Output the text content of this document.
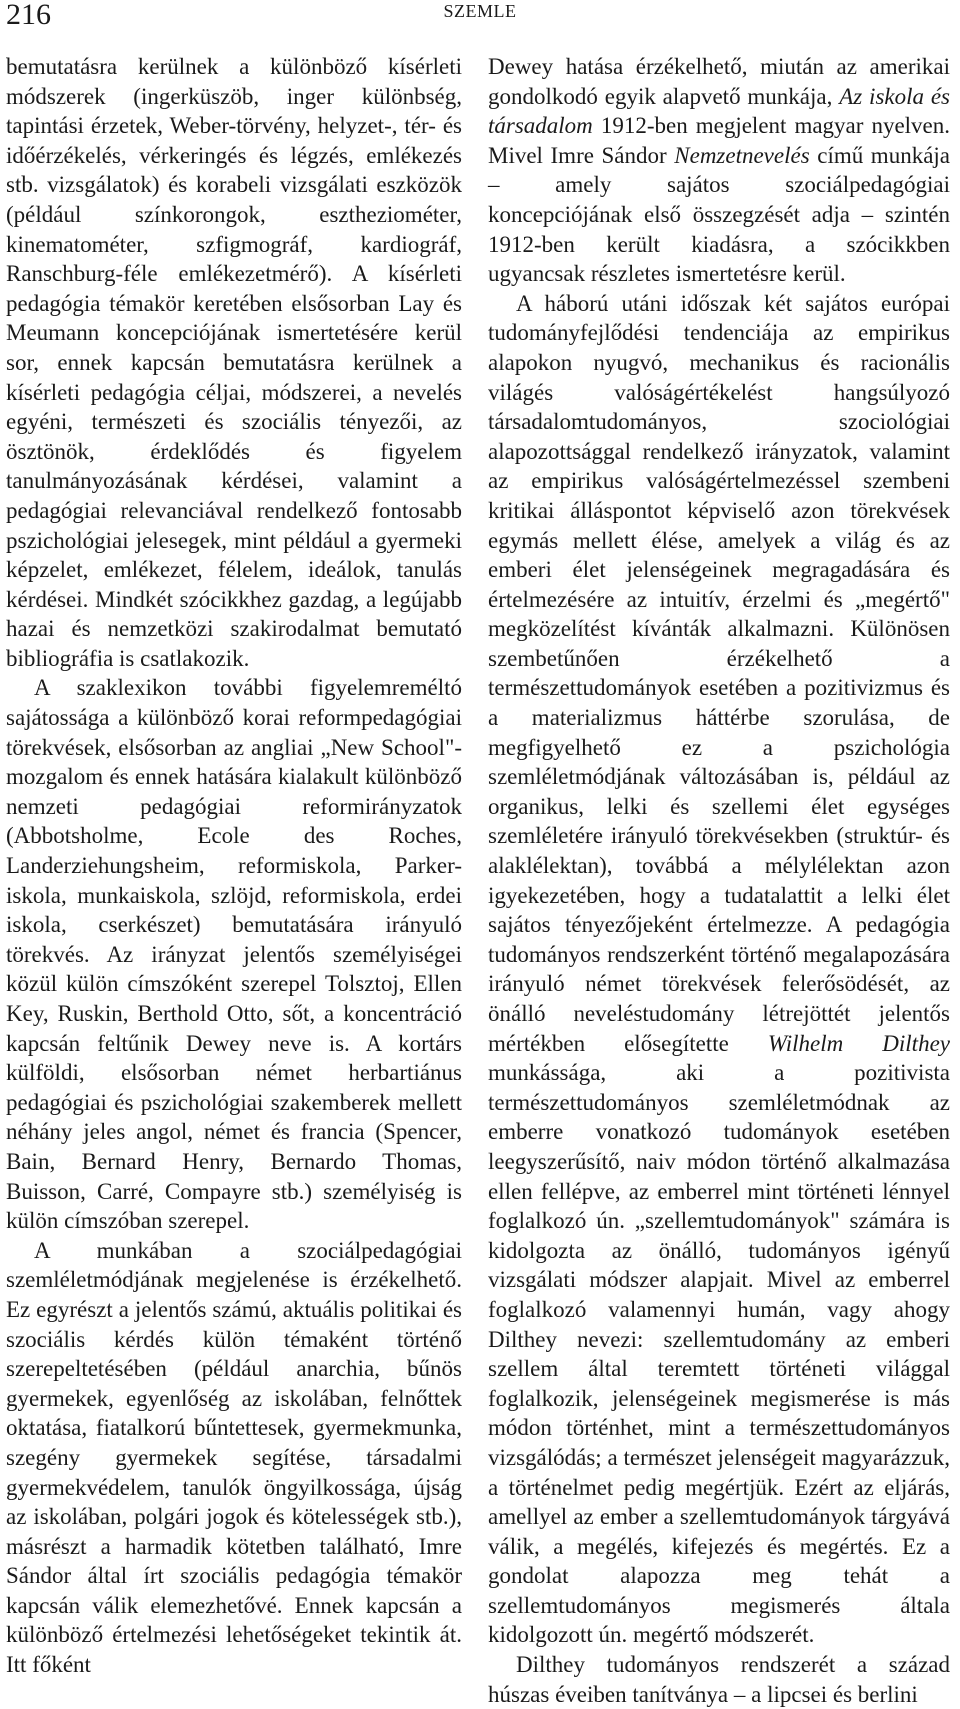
216	SZEMLE

bemutatásra kerülnek a különböző kísérleti módszerek (ingerküszöb, inger különbség, tapintási érzetek, Weber-törvény, helyzet-, tér- és időérzékelés, vérkeringés és légzés, emlékezés stb. vizsgálatok) és korabeli vizsgálati eszközök (például színkorongok, esztheziométer, kinematométer, szfigmográf, kardiográf, Ranschburg-féle emlékezetmérő). A kísérleti pedagógia témakör keretében elsősorban Lay és Meumann koncepciójának ismertetésére kerül sor, ennek kapcsán bemutatásra kerülnek a kísérleti pedagógia céljai, módszerei, a nevelés egyéni, természeti és szociális tényezői, az ösztönök, érdeklődés és figyelem tanulmányozásának kérdései, valamint a pedagógiai relevanciával rendelkező fontosabb pszichológiai jelesegek, mint például a gyermeki képzelet, emlékezet, félelem, ideálok, tanulás kérdései. Mindkét szócikkhez gazdag, a legújabb hazai és nemzetközi szakirodalmat bemutató bibliográfia is csatlakozik.

A szaklexikon további figyelemreméltó sajátossága a különböző korai reformpedagógiai törekvések, elsősorban az angliai „New School"-mozgalom és ennek hatására kialakult különböző nemzeti pedagógiai reformirányzatok (Abbotsholme, Ecole des Roches, Landerziehungsheim, reformiskola, Parker-iskola, munkaiskola, szlöjd, reformiskola, erdei iskola, cserkészet) bemutatására irányuló törekvés. Az irányzat jelentős személyiségei közül külön címszóként szerepel Tolsztoj, Ellen Key, Ruskin, Berthold Otto, sőt, a koncentráció kapcsán feltűnik Dewey neve is. A kortárs külföldi, elsősorban német herbartiánus pedagógiai és pszichológiai szakemberek mellett néhány jeles angol, német és francia (Spencer, Bain, Bernard Henry, Bernardo Thomas, Buisson, Carré, Compayre stb.) személyiség is külön címszóban szerepel.

A munkában a szociálpedagógiai szemléletmódjának megjelenése is érzékelhető. Ez egyrészt a jelentős számú, aktuális politikai és szociális kérdés külön témaként történő szerepeltetésében (például anarchia, bűnös gyermekek, egyenlőség az iskolában, felnőttek oktatása, fiatalkorú bűntettesek, gyermekmunka, szegény gyermekek segítése, társadalmi gyermekvédelem, tanulók öngyilkossága, újság az iskolában, polgári jogok és kötelességek stb.), másrészt a harmadik kötetben található, Imre Sándor által írt szociális pedagógia témakör kapcsán válik elemezhetővé. Ennek kapcsán a különböző értelmezési lehetőségeket tekintik át. Itt főként

Dewey hatása érzékelhető, miután az amerikai gondolkodó egyik alapvető munkája, Az iskola és társadalom 1912-ben megjelent magyar nyelven. Mivel Imre Sándor Nemzetnevelés című munkája – amely sajátos szociálpedagógiai koncepciójának első összegzését adja – szintén 1912-ben került kiadásra, a szócikkben ugyancsak részletes ismertetésre kerül.

A háború utáni időszak két sajátos európai tudományfejlődési tendenciája az empirikus alapokon nyugvó, mechanikus és racionális világés valóságértékelést hangsúlyozó társadalomtudományos, szociológiai alapozottsággal rendelkező irányzatok, valamint az empirikus valóságértelmezéssel szembeni kritikai álláspontot képviselő azon törekvések egymás mellett élése, amelyek a világ és az emberi élet jelenségeinek megragadására és értelmezésére az intuitív, érzelmi és „megértő" megközelítést kívánták alkalmazni. Különösen szembetűnően érzékelhető a természettudományok esetében a pozitivizmus és a materializmus háttérbe szorulása, de megfigyelhető ez a pszichológia szemléletmódjának változásában is, például az organikus, lelki és szellemi élet egységes szemléletére irányuló törekvésekben (struktúr- és alaklélektan), továbbá a mélylélektan azon igyekezetében, hogy a tudatalattit a lelki élet sajátos tényezőjeként értelmezze. A pedagógia tudományos rendszerként történő megalapozására irányuló német törekvések felerősödését, az önálló neveléstudomány létrejöttét jelentős mértékben elősegítette Wilhelm Dilthey munkássága, aki a pozitivista természettudományos szemléletmódnak az emberre vonatkozó tudományok esetében leegyszerűsítő, naiv módon történő alkalmazása ellen fellépve, az emberrel mint történeti lénnyel foglalkozó ún. „szellemtudományok" számára is kidolgozta az önálló, tudományos igényű vizsgálati módszer alapjait. Mivel az emberrel foglalkozó valamennyi humán, vagy ahogy Dilthey nevezi: szellemtudomány az emberi szellem által teremtett történeti világgal foglalkozik, jelenségeinek megismerése is más módon történhet, mint a természettudományos vizsgálódás; a természet jelenségeit magyarázzuk, a történelmet pedig megértjük. Ezért az eljárás, amellyel az ember a szellemtudományok tárgyává válik, a megélés, kifejezés és megértés. Ez a gondolat alapozza meg tehát a szellemtudományos megismerés általa kidolgozott ún. megértő módszerét.

Dilthey tudományos rendszerét a század húszas éveiben tanítványa – a lipcsei és berlini
